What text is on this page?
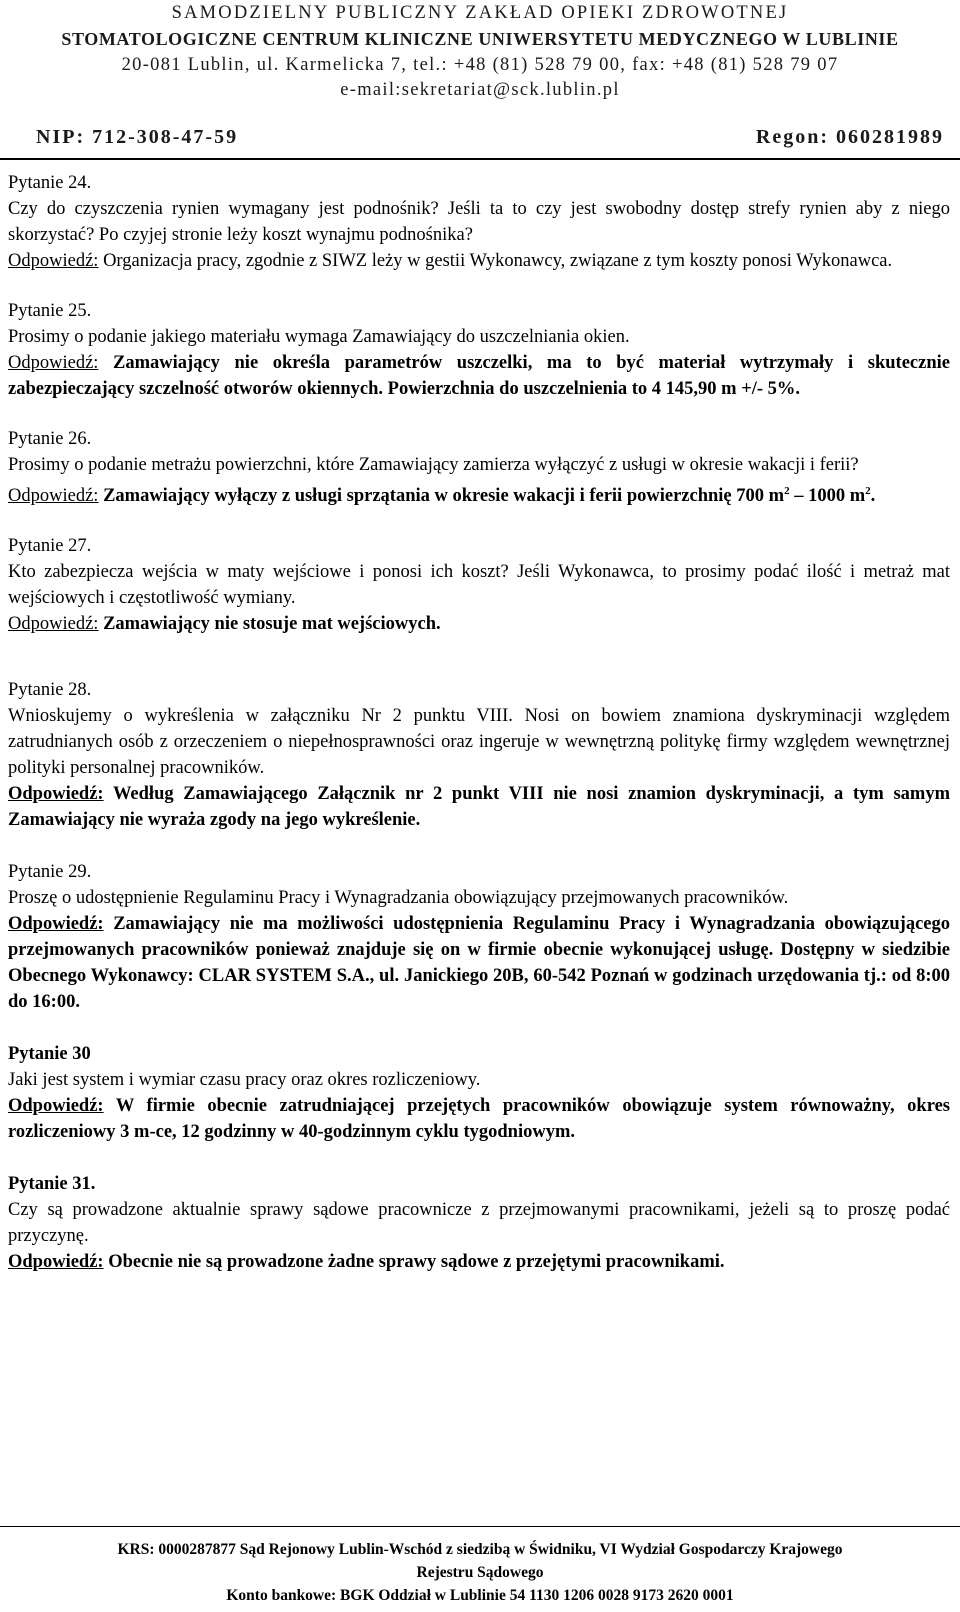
SAMODZIELNY PUBLICZNY ZAKŁAD OPIEKI ZDROWOTNEJ
STOMATOLOGICZNE CENTRUM KLINICZNE UNIWERSYTETU MEDYCZNEGO W LUBLINIE
20-081 Lublin, ul. Karmelicka 7, tel.: +48 (81) 528 79 00, fax: +48 (81) 528 79 07
e-mail:sekretariat@sck.lublin.pl
NIP: 712-308-47-59	Regon: 060281989

Pytanie 24.

Czy do czyszczenia rynien wymagany jest podnośnik? Jeśli ta to czy jest swobodny dostęp strefy rynien aby z niego skorzystać? Po czyjej stronie leży koszt wynajmu podnośnika?

Odpowiedź: Organizacja pracy, zgodnie z SIWZ leży w gestii Wykonawcy, związane z tym koszty ponosi Wykonawca.

Pytanie 25.

Prosimy o podanie jakiego materiału wymaga Zamawiający do uszczelniania okien.

Odpowiedź: Zamawiający nie określa parametrów uszczelki, ma to być materiał wytrzymały i skutecznie zabezpieczający szczelność otworów okiennych. Powierzchnia do uszczelnienia to 4 145,90 m +/- 5%.

Pytanie 26.

Prosimy o podanie metrażu powierzchni, które Zamawiający zamierza wyłączyć z usługi w okresie wakacji i ferii?

Odpowiedź: Zamawiający wyłączy z usługi sprzątania w okresie wakacji i ferii powierzchnię 700 $m^2 - 1000$ $m^2$.

Pytanie 27.

Kto zabezpiecza wejścia w maty wejściowe i ponosi ich koszt? Jeśli Wykonawca, to prosimy podać ilość i metraż mat wejściowych i częstotliwość wymiany.

Odpowiedź: Zamawiający nie stosuje mat wejściowych.

Pytanie 28.

Wnioskujemy o wykreślenia w załączniku Nr 2 punktu VIII. Nosi on bowiem znamiona dyskryminacji względem zatrudnianych osób z orzeczeniem o niepełnosprawności oraz ingeruje w wewnętrzną politykę firmy względem wewnętrznej polityki personalnej pracowników.

Odpowiedź: Według Zamawiającego Załącznik nr 2 punkt VIII nie nosi znamion dyskryminacji, a tym samym Zamawiający nie wyraża zgody na jego wykreślenie.

Pytanie 29.

Proszę o udostępnienie Regulaminu Pracy i Wynagradzania obowiązujący przejmowanych pracowników.

Odpowiedź: Zamawiający nie ma możliwości udostępnienia Regulaminu Pracy i Wynagradzania obowiązującego przejmowanych pracowników ponieważ znajduje się on w firmie obecnie wykonującej usługę. Dostępny w siedzibie Obecnego Wykonawcy: CLAR SYSTEM S.A., ul. Janickiego 20B, 60-542 Poznań w godzinach urzędowania tj.: od 8:00 do 16:00.

Pytanie 30

Jaki jest system i wymiar czasu pracy oraz okres rozliczeniowy.

Odpowiedź: W firmie obecnie zatrudniającej przejętych pracowników obowiązuje system równoważny, okres rozliczeniowy 3 m-ce, 12 godzinny w 40-godzinnym cyklu tygodniowym.

Pytanie 31.

Czy są prowadzone aktualnie sprawy sądowe pracownicze z przejmowanymi pracownikami, jeżeli są to proszę podać przyczynę.

Odpowiedź: Obecnie nie są prowadzone żadne sprawy sądowe z przejętymi pracownikami.

KRS: 0000287877 Sąd Rejonowy Lublin-Wschód z siedzibą w Świdniku, VI Wydział Gospodarczy Krajowego
Rejestru Sądowego
Konto bankowe: BGK Oddział w Lublinie 54 1130 1206 0028 9173 2620 0001
